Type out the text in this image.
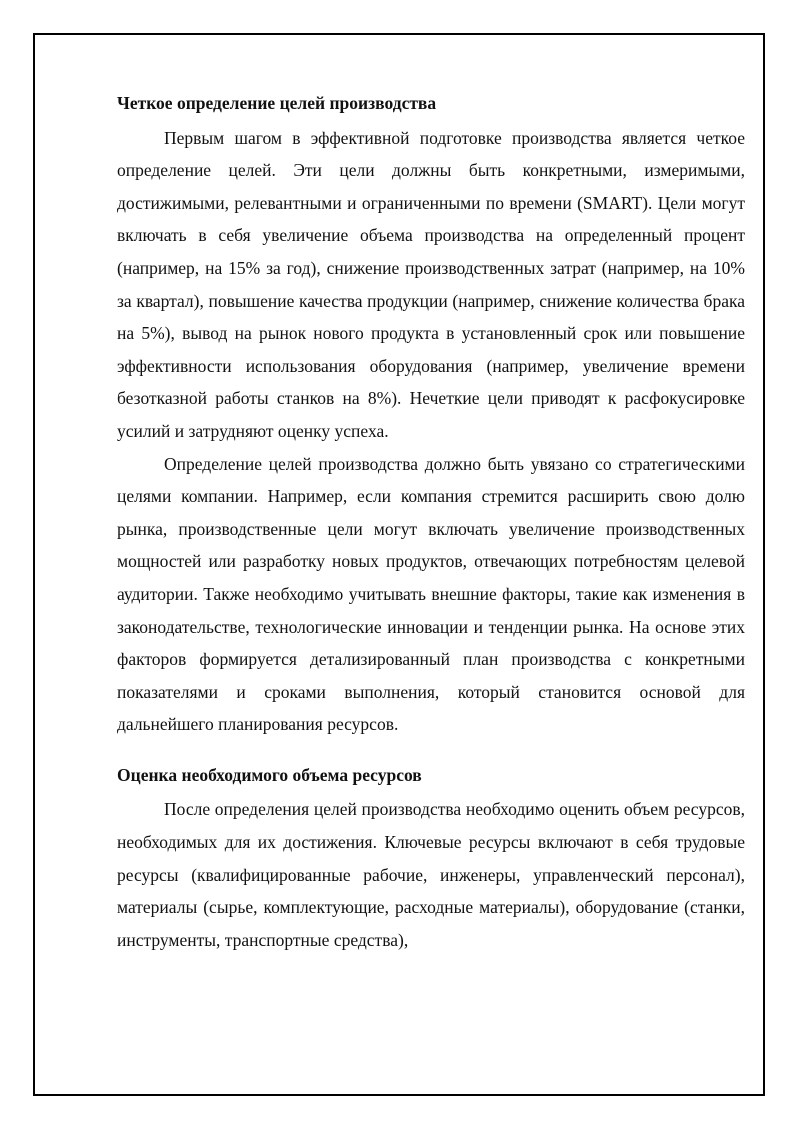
Четкое определение целей производства

Первым шагом в эффективной подготовке производства является четкое определение целей. Эти цели должны быть конкретными, измеримыми, достижимыми, релевантными и ограниченными по времени (SMART). Цели могут включать в себя увеличение объема производства на определенный процент (например, на 15% за год), снижение производственных затрат (например, на 10% за квартал), повышение качества продукции (например, снижение количества брака на 5%), вывод на рынок нового продукта в установленный срок или повышение эффективности использования оборудования (например, увеличение времени безотказной работы станков на 8%). Нечеткие цели приводят к расфокусировке усилий и затрудняют оценку успеха.

Определение целей производства должно быть увязано со стратегическими целями компании. Например, если компания стремится расширить свою долю рынка, производственные цели могут включать увеличение производственных мощностей или разработку новых продуктов, отвечающих потребностям целевой аудитории. Также необходимо учитывать внешние факторы, такие как изменения в законодательстве, технологические инновации и тенденции рынка. На основе этих факторов формируется детализированный план производства с конкретными показателями и сроками выполнения, который становится основой для дальнейшего планирования ресурсов.

Оценка необходимого объема ресурсов

После определения целей производства необходимо оценить объем ресурсов, необходимых для их достижения. Ключевые ресурсы включают в себя трудовые ресурсы (квалифицированные рабочие, инженеры, управленческий персонал), материалы (сырье, комплектующие, расходные материалы), оборудование (станки, инструменты, транспортные средства),
